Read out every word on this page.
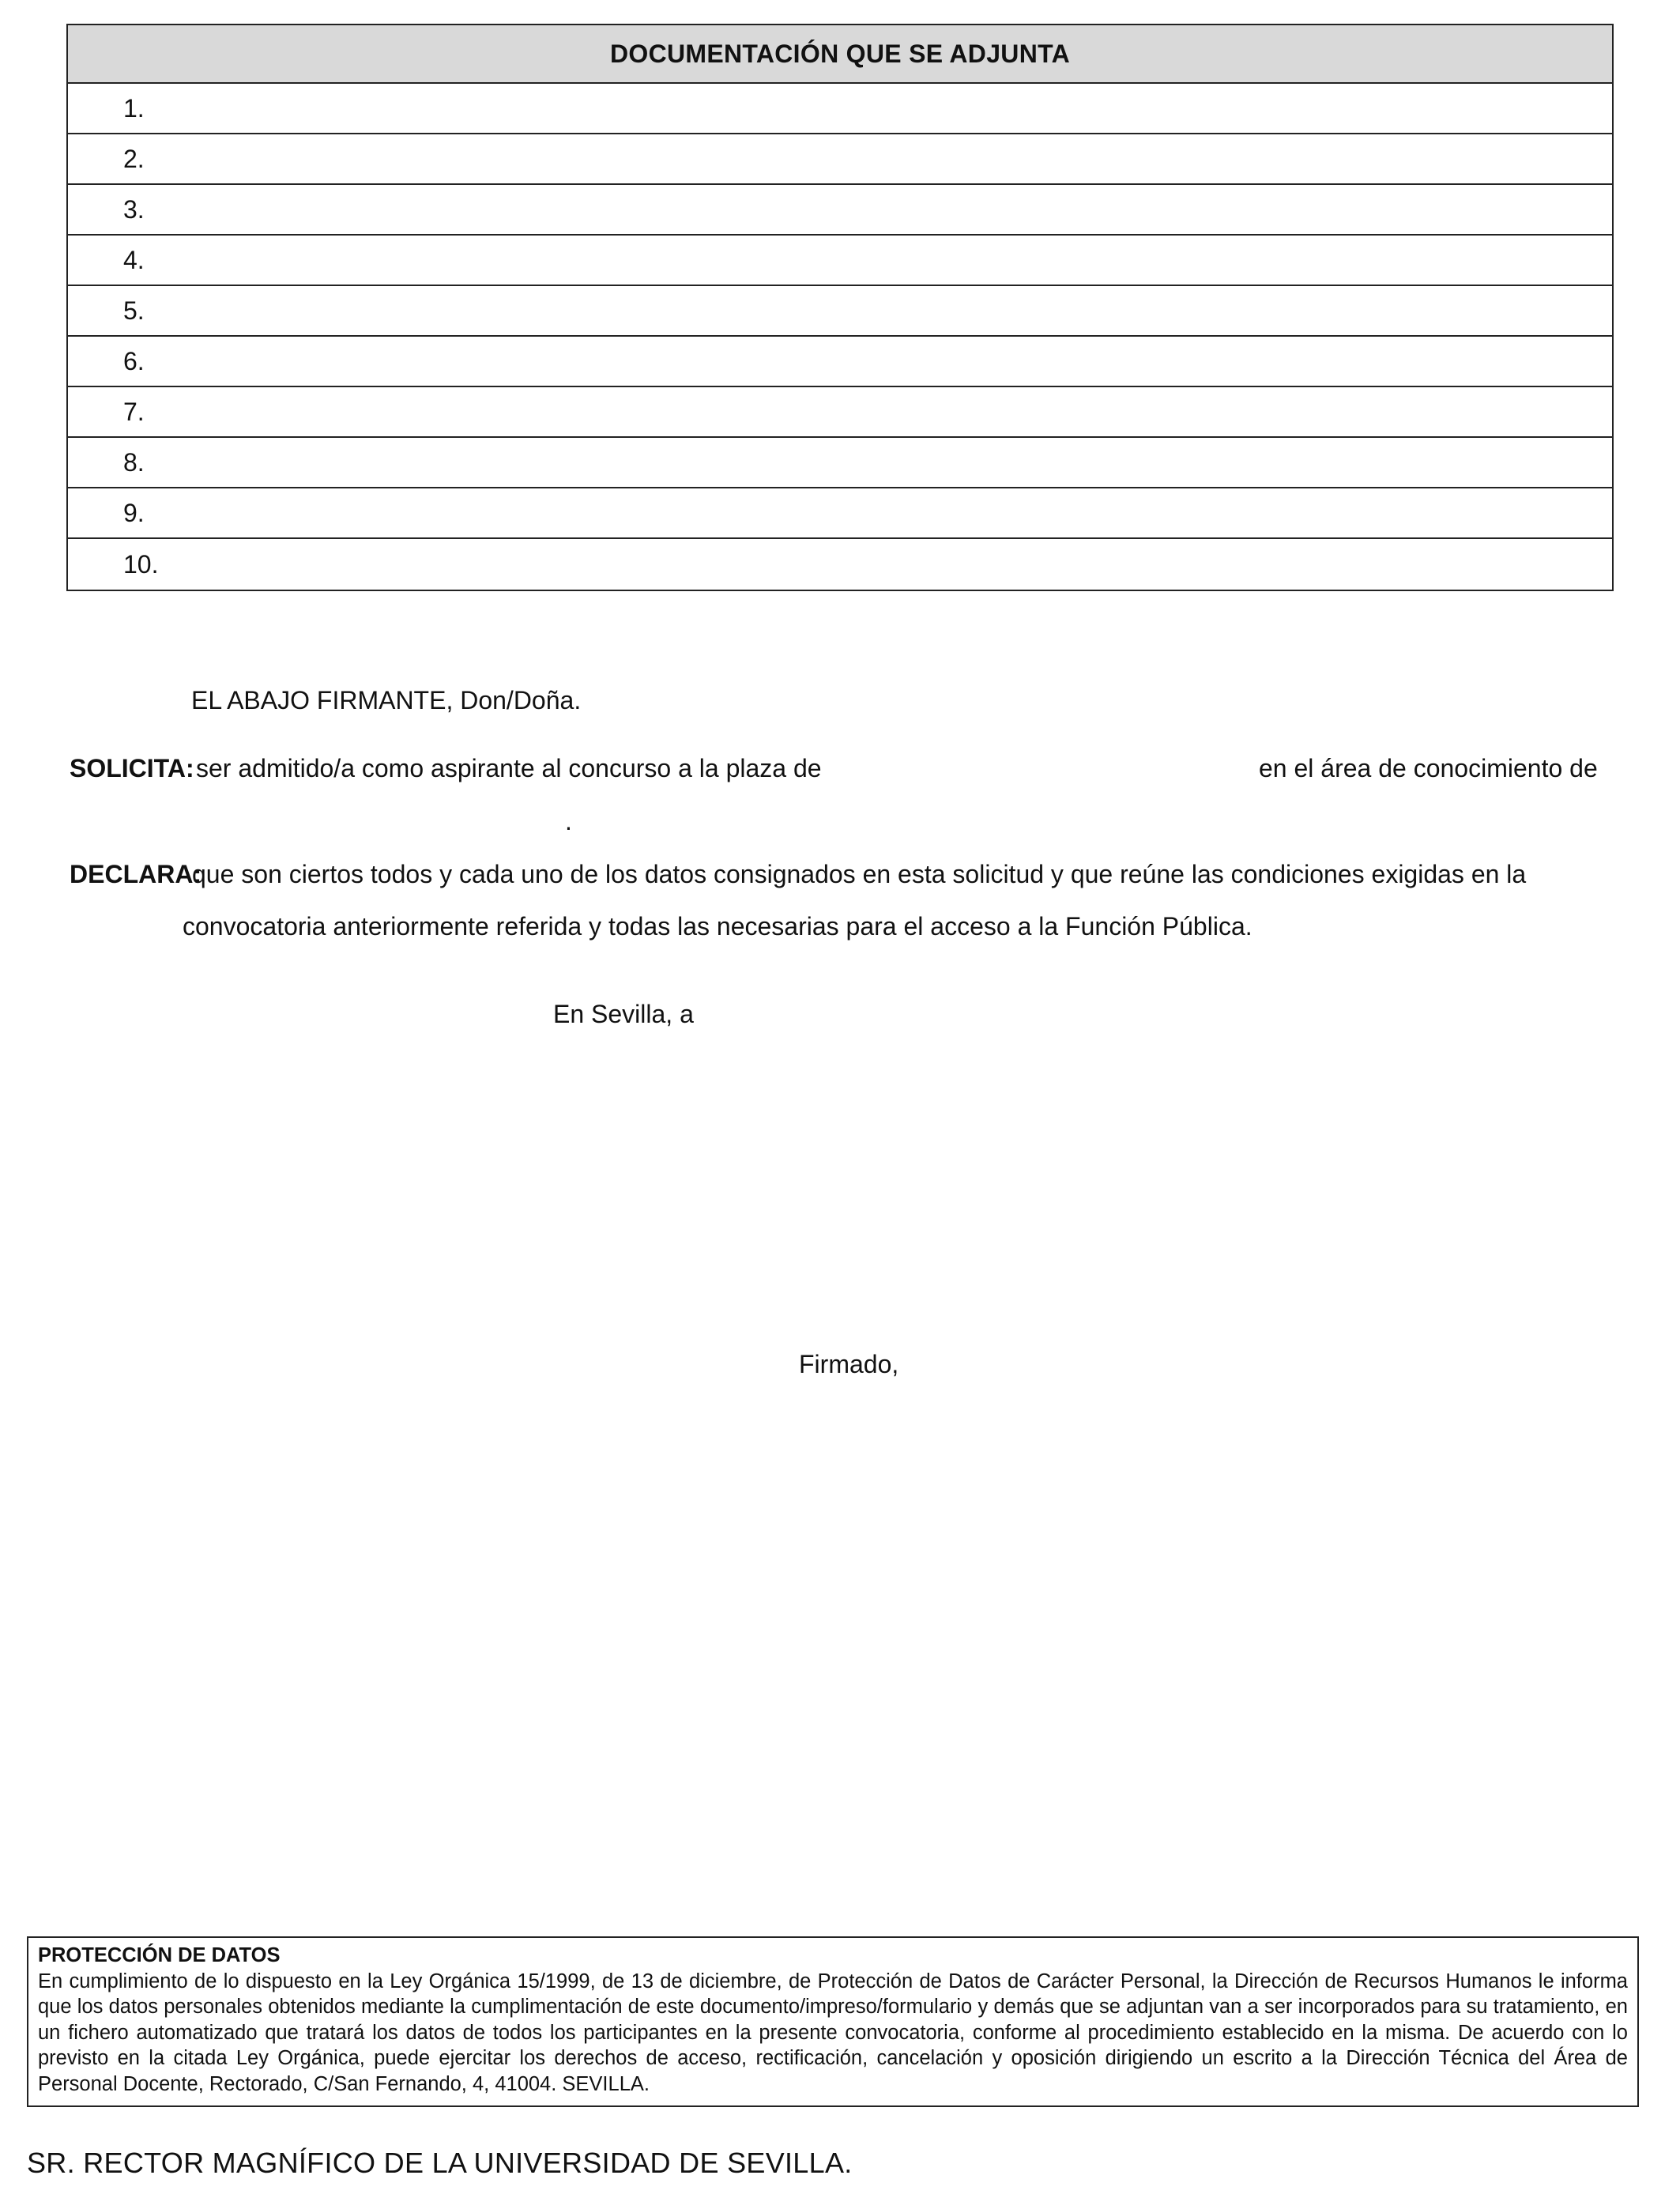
DOCUMENTACIÓN QUE SE ADJUNTA
1.
2.
3.
4.
5.
6.
7.
8.
9.
10.
EL ABAJO FIRMANTE, Don/Doña.
SOLICITA: ser admitido/a como aspirante al concurso a la plaza de	en el área de conocimiento de
.
DECLARA:
que son ciertos todos y cada uno de los datos consignados en esta solicitud y que reúne las condiciones exigidas en la
convocatoria anteriormente referida y todas las necesarias para el acceso a la Función Pública.
En Sevilla, a
Firmado,
PROTECCIÓN DE DATOS
En cumplimiento de lo dispuesto en la Ley Orgánica 15/1999, de 13 de diciembre, de Protección de Datos de Carácter Personal, la Dirección de Recursos Humanos le informa que los datos personales obtenidos mediante la cumplimentación de este documento/impreso/formulario y demás que se adjuntan van a ser incorporados para su tratamiento, en un fichero automatizado que tratará los datos de todos los participantes en la presente convocatoria, conforme al procedimiento establecido en la misma. De acuerdo con lo previsto en la citada Ley Orgánica, puede ejercitar los derechos de acceso, rectificación, cancelación y oposición dirigiendo un escrito a la Dirección Técnica del Área de Personal Docente, Rectorado, C/San Fernando, 4, 41004. SEVILLA.
SR. RECTOR MAGNÍFICO DE LA UNIVERSIDAD DE SEVILLA.
